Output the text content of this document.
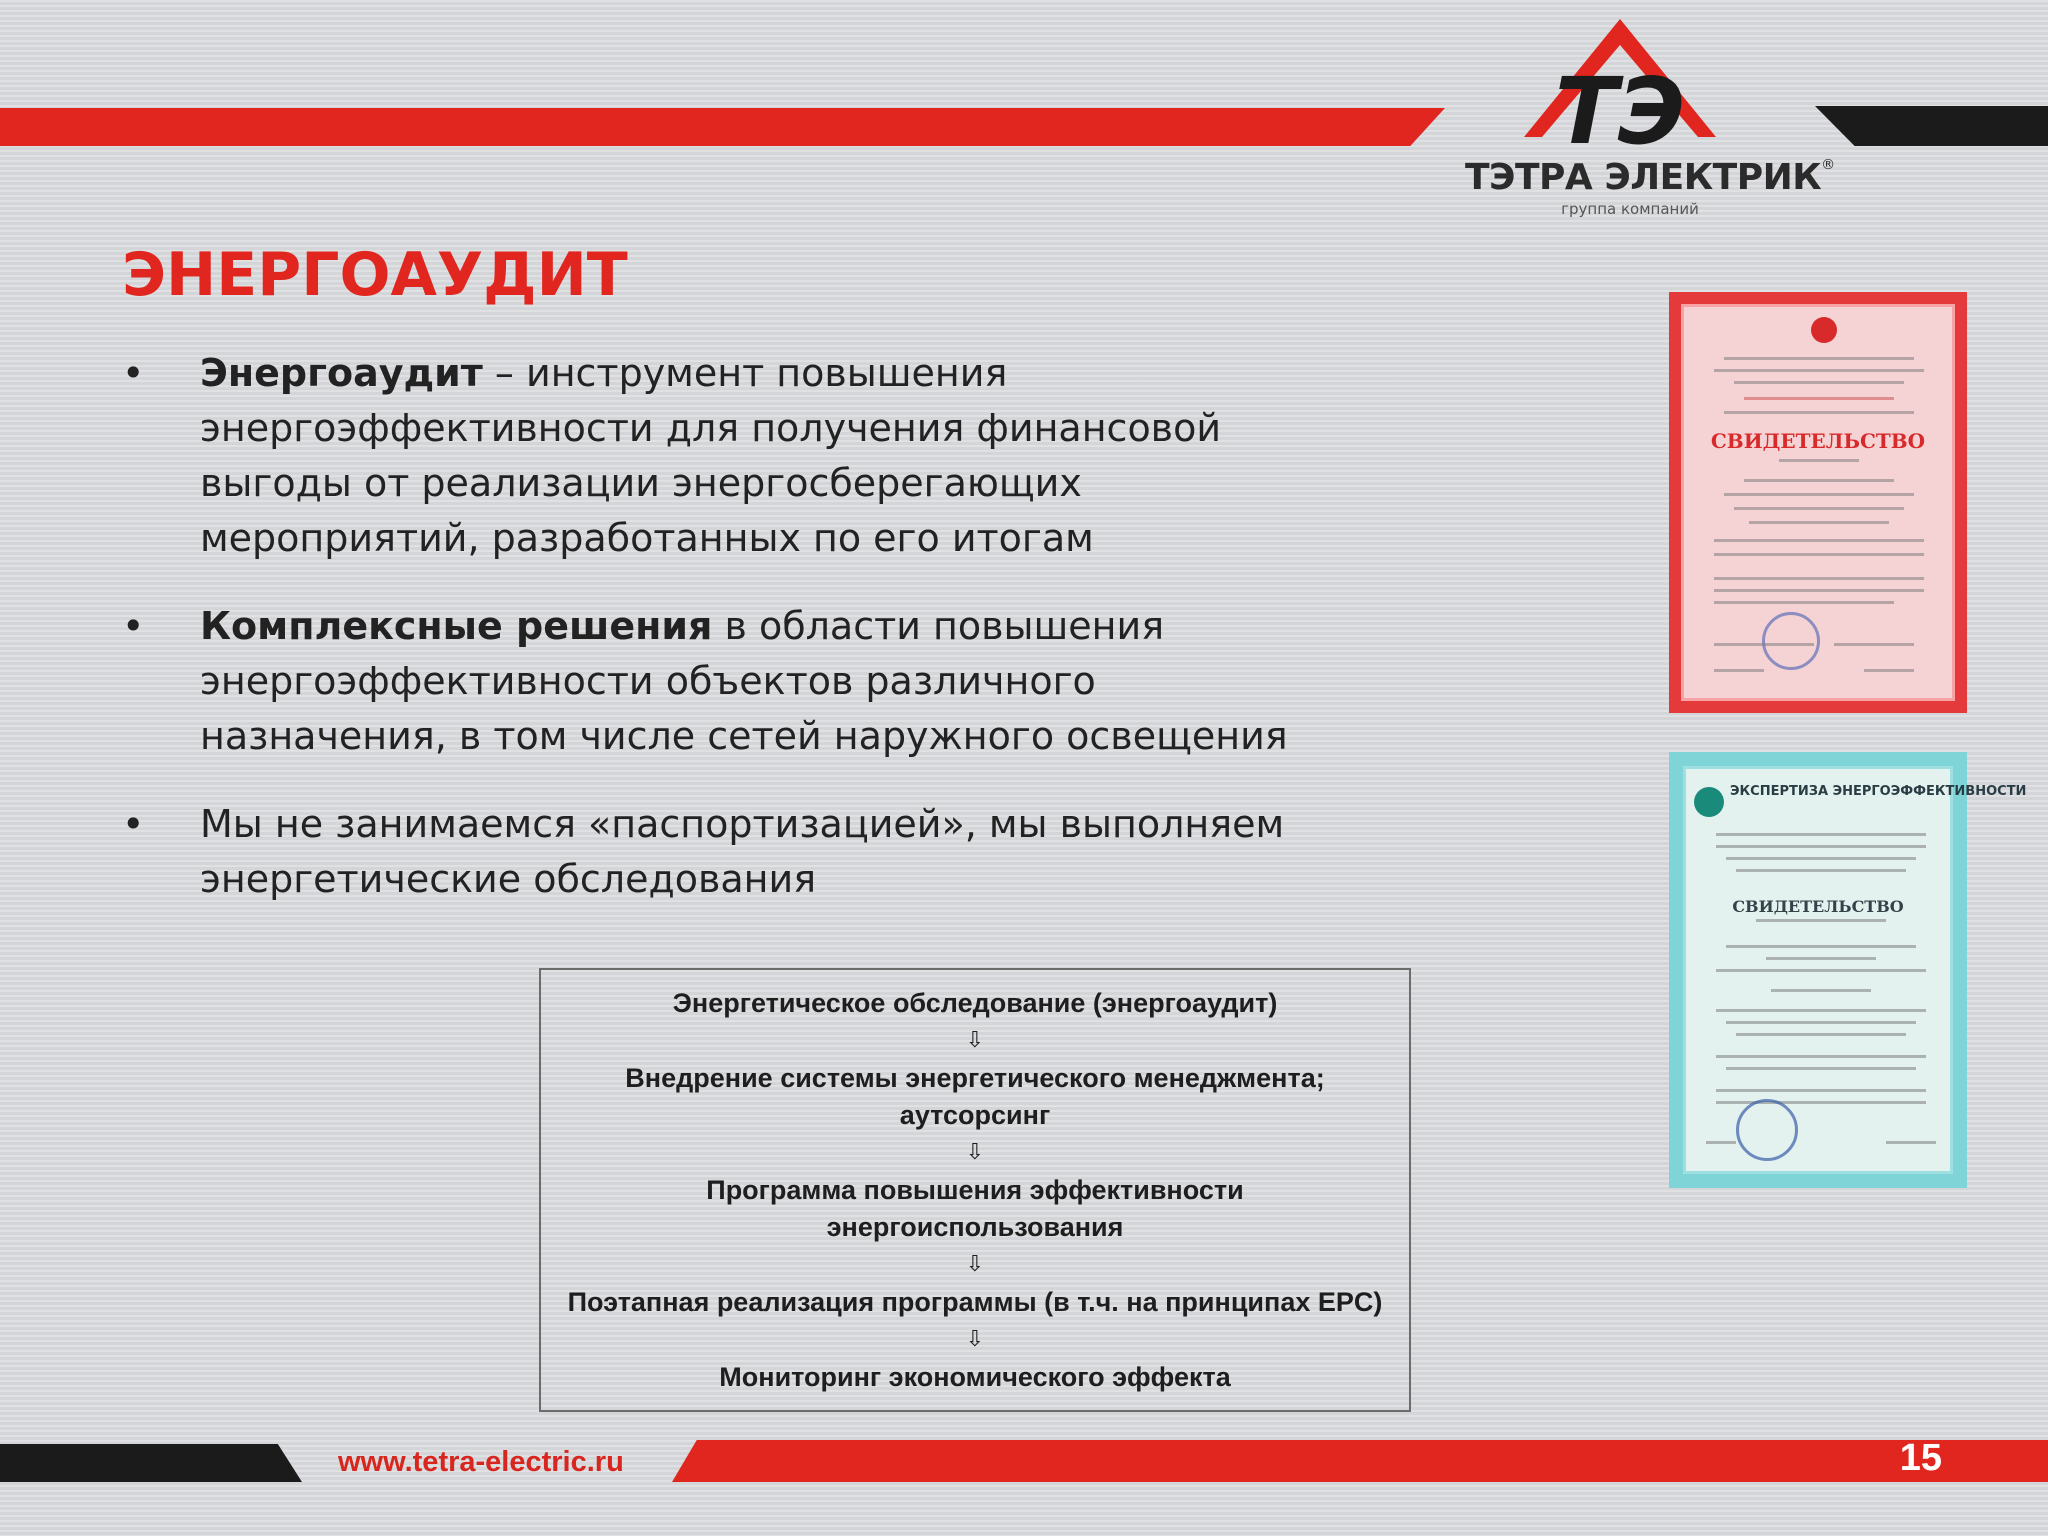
ТЭ
ТЭТРА ЭЛЕКТРИК®
группа компаний
ЭНЕРГОАУДИТ
• Энергоаудит – инструмент повышения энергоэффективности для получения финансовой выгоды от реализации энергосберегающих мероприятий, разработанных по его итогам
• Комплексные решения в области повышения энергоэффективности объектов различного назначения, в том числе сетей наружного освещения
• Мы не занимаемся «паспортизацией», мы выполняем энергетические обследования
Энергетическое обследование (энергоаудит)
⇩
Внедрение системы энергетического менеджмента; аутсорсинг
⇩
Программа повышения эффективности энергоиспользования
⇩
Поэтапная реализация программы (в т.ч. на принципах EPC)
⇩
Мониторинг экономического эффекта
СВИДЕТЕЛЬСТВО
ЭКСПЕРТИЗА ЭНЕРГОЭФФЕКТИВНОСТИ
СВИДЕТЕЛЬСТВО
www.tetra-electric.ru	15
